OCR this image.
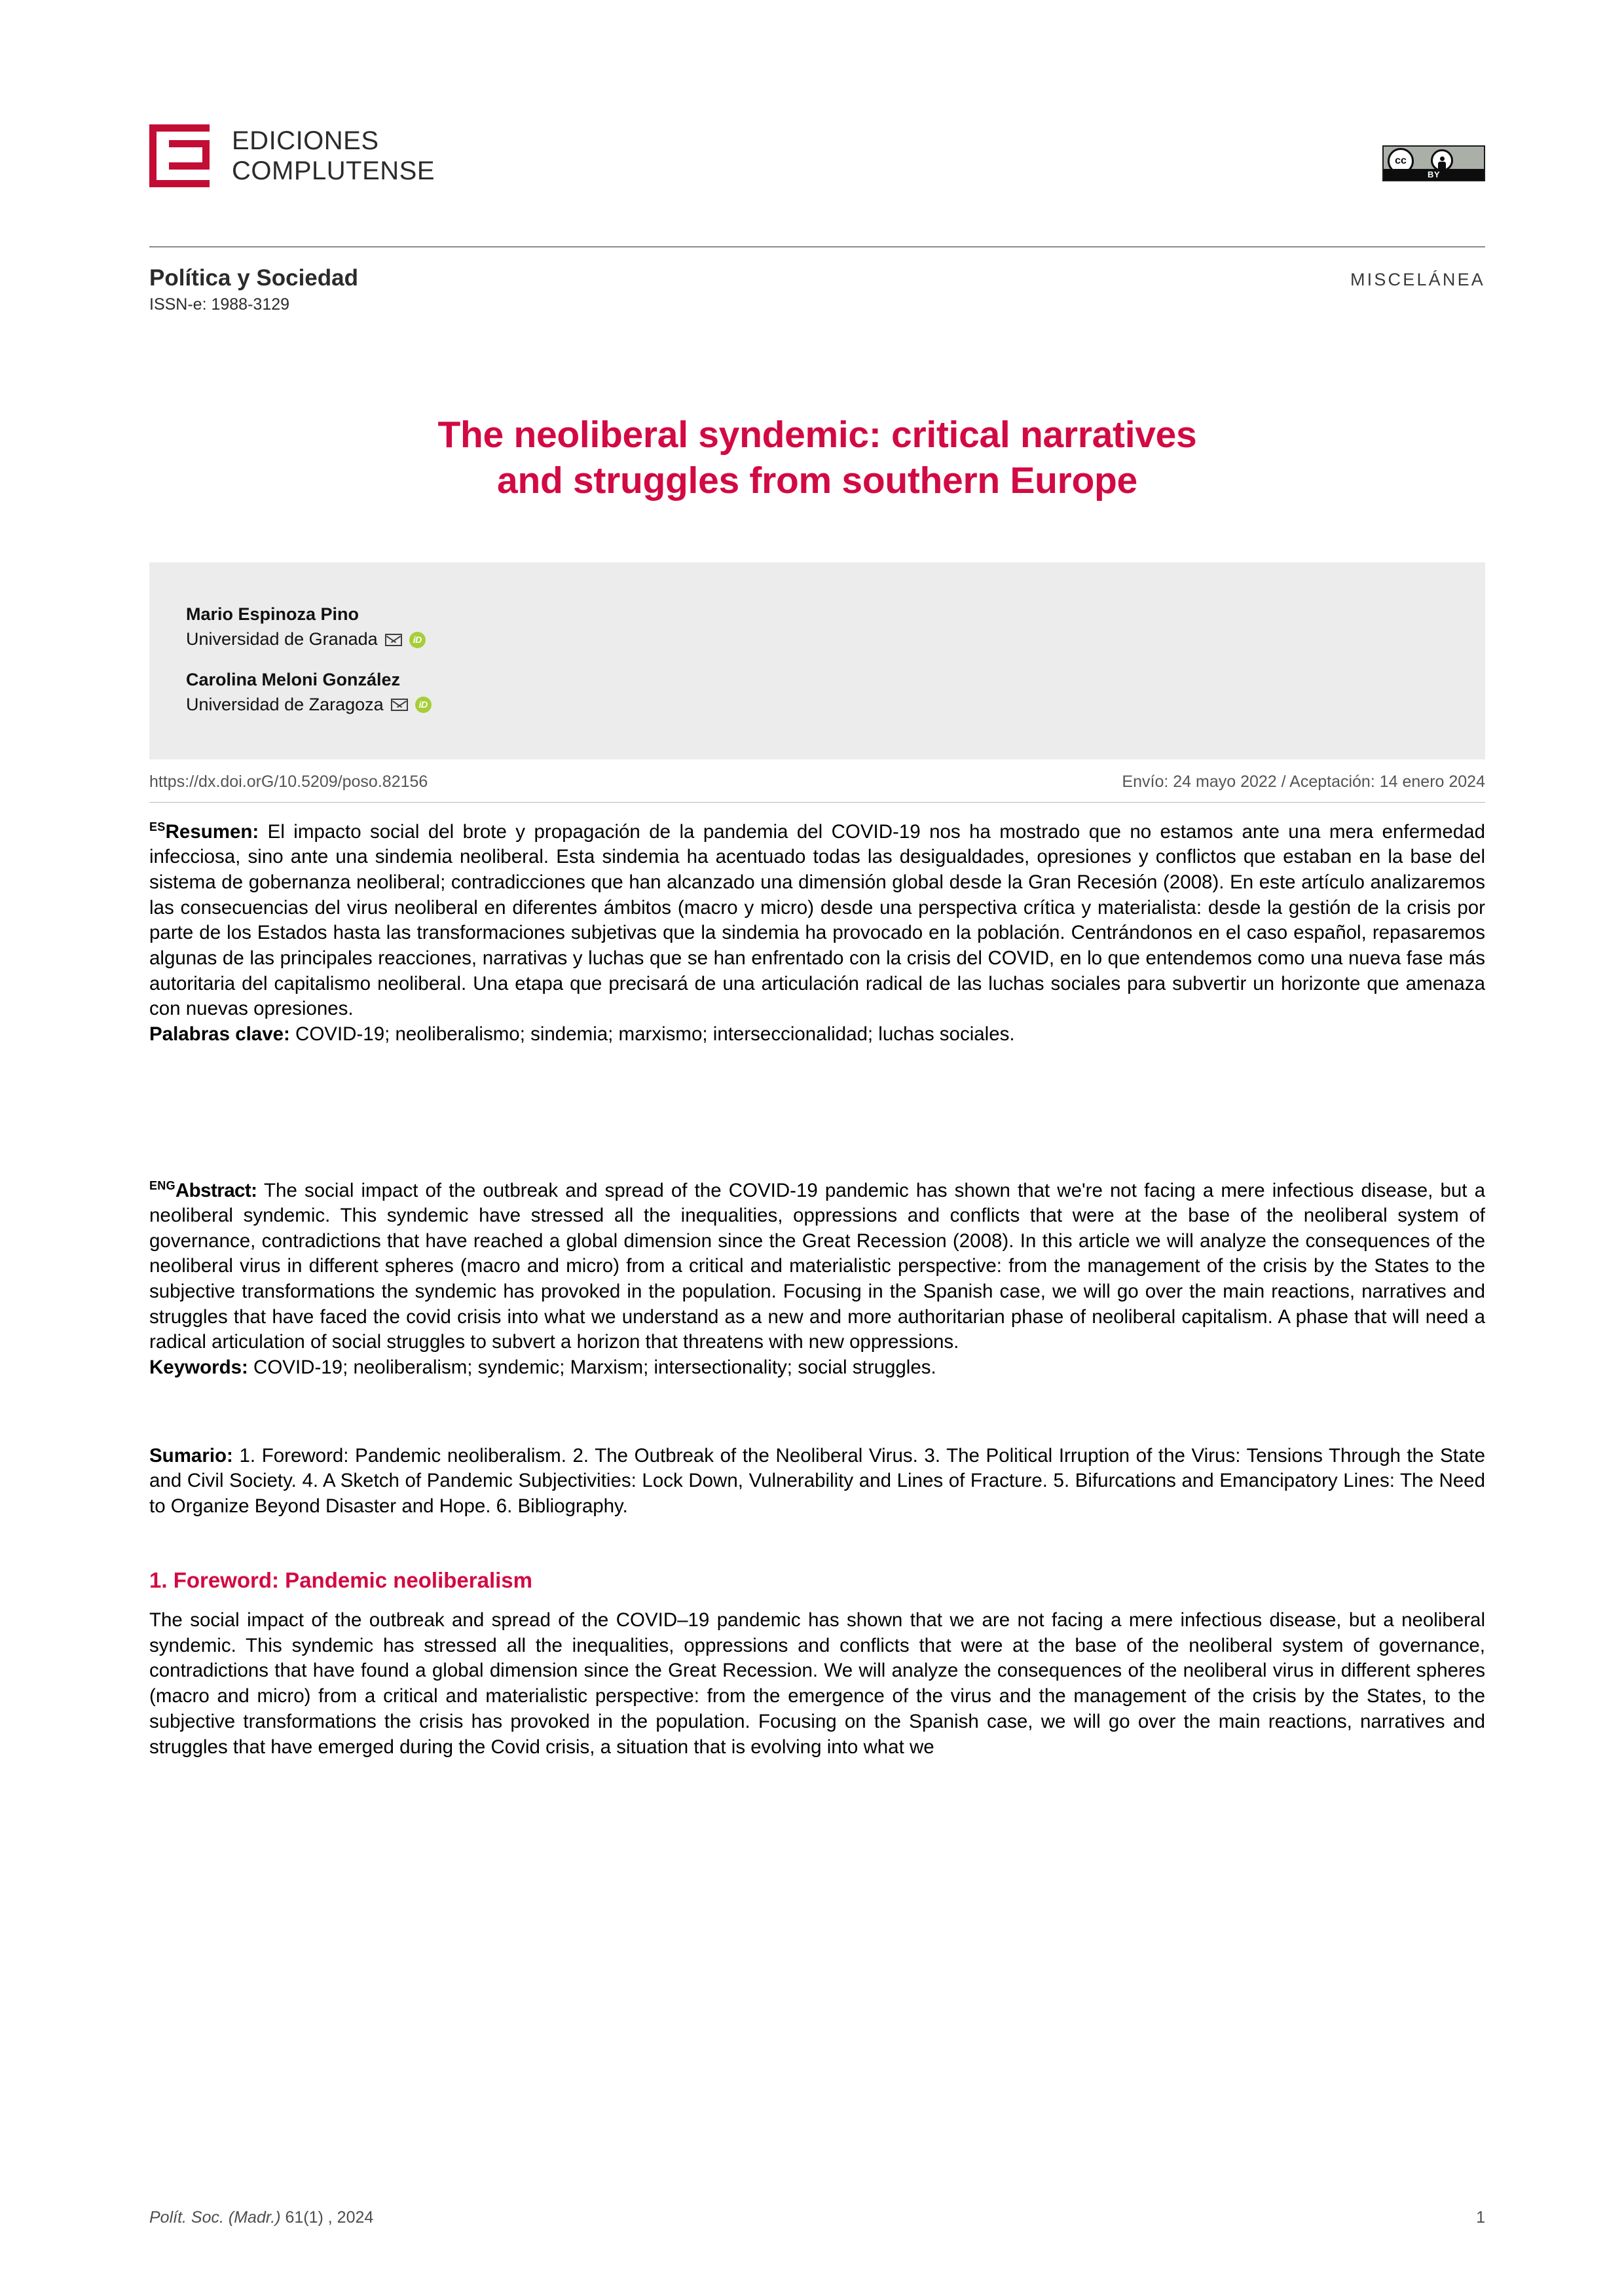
EDICIONES
COMPLUTENSE	cc
BY
Política y Sociedad
ISSN-e: 1988-3129
MISCELÁNEA
The neoliberal syndemic: critical narratives
and struggles from southern Europe
Mario Espinoza Pino
Universidad de Granada	iD
Carolina Meloni González
Universidad de Zaragoza	iD
https://dx.doi.orG/10.5209/poso.82156	Envío: 24 mayo 2022 / Aceptación: 14 enero 2024
$^{ES}$Resumen: El impacto social del brote y propagación de la pandemia del COVID-19 nos ha mostrado que no estamos ante una mera enfermedad infecciosa, sino ante una sindemia neoliberal. Esta sindemia ha acentuado todas las desigualdades, opresiones y conflictos que estaban en la base del sistema de gobernanza neoliberal; contradicciones que han alcanzado una dimensión global desde la Gran Recesión (2008). En este artículo analizaremos las consecuencias del virus neoliberal en diferentes ámbitos (macro y micro) desde una perspectiva crítica y materialista: desde la gestión de la crisis por parte de los Estados hasta las transformaciones subjetivas que la sindemia ha provocado en la población. Centrándonos en el caso español, repasaremos algunas de las principales reacciones, narrativas y luchas que se han enfrentado con la crisis del COVID, en lo que entendemos como una nueva fase más autoritaria del capitalismo neoliberal. Una etapa que precisará de una articulación radical de las luchas sociales para subvertir un horizonte que amenaza con nuevas opresiones.
Palabras clave: COVID-19; neoliberalismo; sindemia; marxismo; interseccionalidad; luchas sociales.
$^{ENG}$Abstract: The social impact of the outbreak and spread of the COVID-19 pandemic has shown that we're not facing a mere infectious disease, but a neoliberal syndemic. This syndemic have stressed all the inequalities, oppressions and conflicts that were at the base of the neoliberal system of governance, contradictions that have reached a global dimension since the Great Recession (2008). In this article we will analyze the consequences of the neoliberal virus in different spheres (macro and micro) from a critical and materialistic perspective: from the management of the crisis by the States to the subjective transformations the syndemic has provoked in the population. Focusing in the Spanish case, we will go over the main reactions, narratives and struggles that have faced the covid crisis into what we understand as a new and more authoritarian phase of neoliberal capitalism. A phase that will need a radical articulation of social struggles to subvert a horizon that threatens with new oppressions.
Keywords: COVID-19; neoliberalism; syndemic; Marxism; intersectionality; social struggles.
Sumario: 1. Foreword: Pandemic neoliberalism. 2. The Outbreak of the Neoliberal Virus. 3. The Political Irruption of the Virus: Tensions Through the State and Civil Society. 4. A Sketch of Pandemic Subjectivities: Lock Down, Vulnerability and Lines of Fracture. 5. Bifurcations and Emancipatory Lines: The Need to Organize Beyond Disaster and Hope. 6. Bibliography.
1. Foreword: Pandemic neoliberalism

The social impact of the outbreak and spread of the COVID–19 pandemic has shown that we are not facing a mere infectious disease, but a neoliberal syndemic. This syndemic has stressed all the inequalities, oppressions and conflicts that were at the base of the neoliberal system of governance, contradictions that have found a global dimension since the Great Recession. We will analyze the consequences of the neoliberal virus in different spheres (macro and micro) from a critical and materialistic perspective: from the emergence of the virus and the management of the crisis by the States, to the subjective transformations the crisis has provoked in the population. Focusing on the Spanish case, we will go over the main reactions, narratives and struggles that have emerged during the Covid crisis, a situation that is evolving into what we

Polít. Soc. (Madr.) 61(1) , 2024	1
